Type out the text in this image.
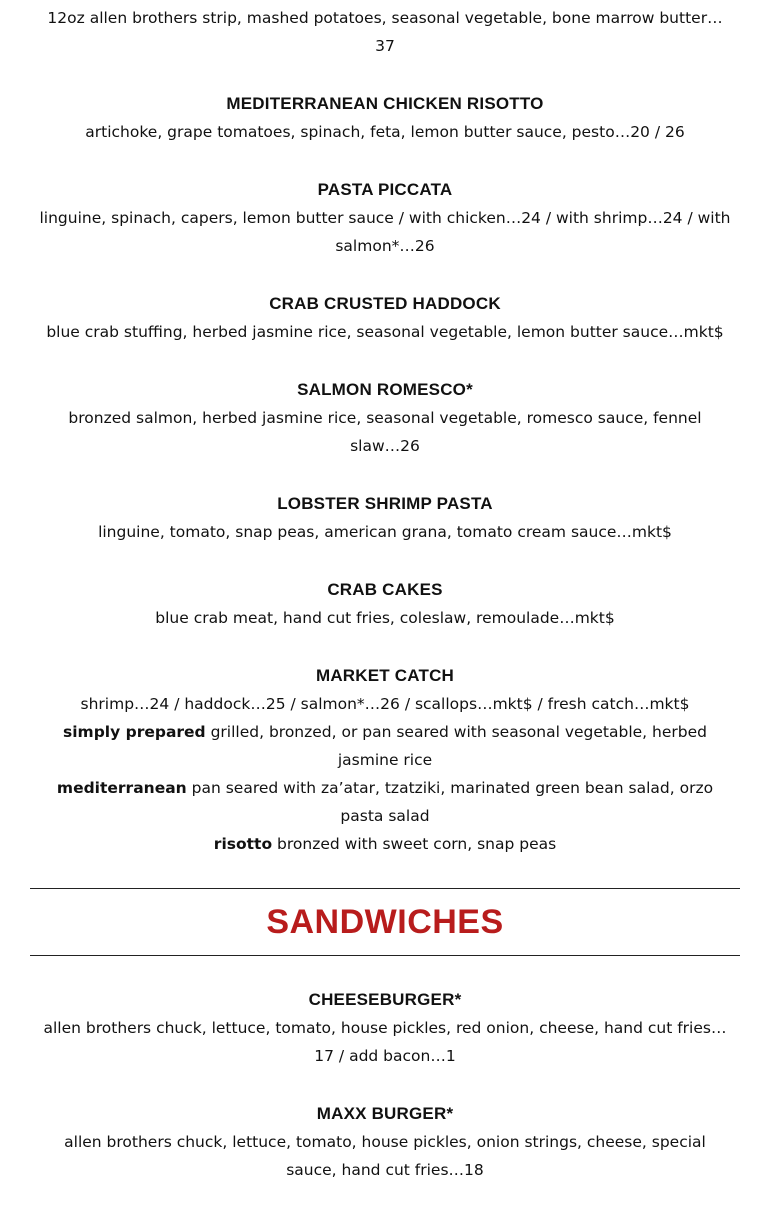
12oz allen brothers strip, mashed potatoes, seasonal vegetable, bone marrow butter…
37
MEDITERRANEAN CHICKEN RISOTTO
artichoke, grape tomatoes, spinach, feta, lemon butter sauce, pesto…20 / 26
PASTA PICCATA
linguine, spinach, capers, lemon butter sauce / with chicken…24 / with shrimp…24 / with
salmon*…26
CRAB CRUSTED HADDOCK
blue crab stuffing, herbed jasmine rice, seasonal vegetable, lemon butter sauce…mkt$
SALMON ROMESCO*
bronzed salmon, herbed jasmine rice, seasonal vegetable, romesco sauce, fennel
slaw…26
LOBSTER SHRIMP PASTA
linguine, tomato, snap peas, american grana, tomato cream sauce…mkt$
CRAB CAKES
blue crab meat, hand cut fries, coleslaw, remoulade…mkt$
MARKET CATCH
shrimp…24 / haddock…25 / salmon*…26 / scallops…mkt$ / fresh catch…mkt$
simply prepared grilled, bronzed, or pan seared with seasonal vegetable, herbed
jasmine rice
mediterranean pan seared with za’atar, tzatziki, marinated green bean salad, orzo
pasta salad
risotto bronzed with sweet corn, snap peas
SANDWICHES
CHEESEBURGER*
allen brothers chuck, lettuce, tomato, house pickles, red onion, cheese, hand cut fries…
17 / add bacon…1
MAXX BURGER*
allen brothers chuck, lettuce, tomato, house pickles, onion strings, cheese, special
sauce, hand cut fries…18
